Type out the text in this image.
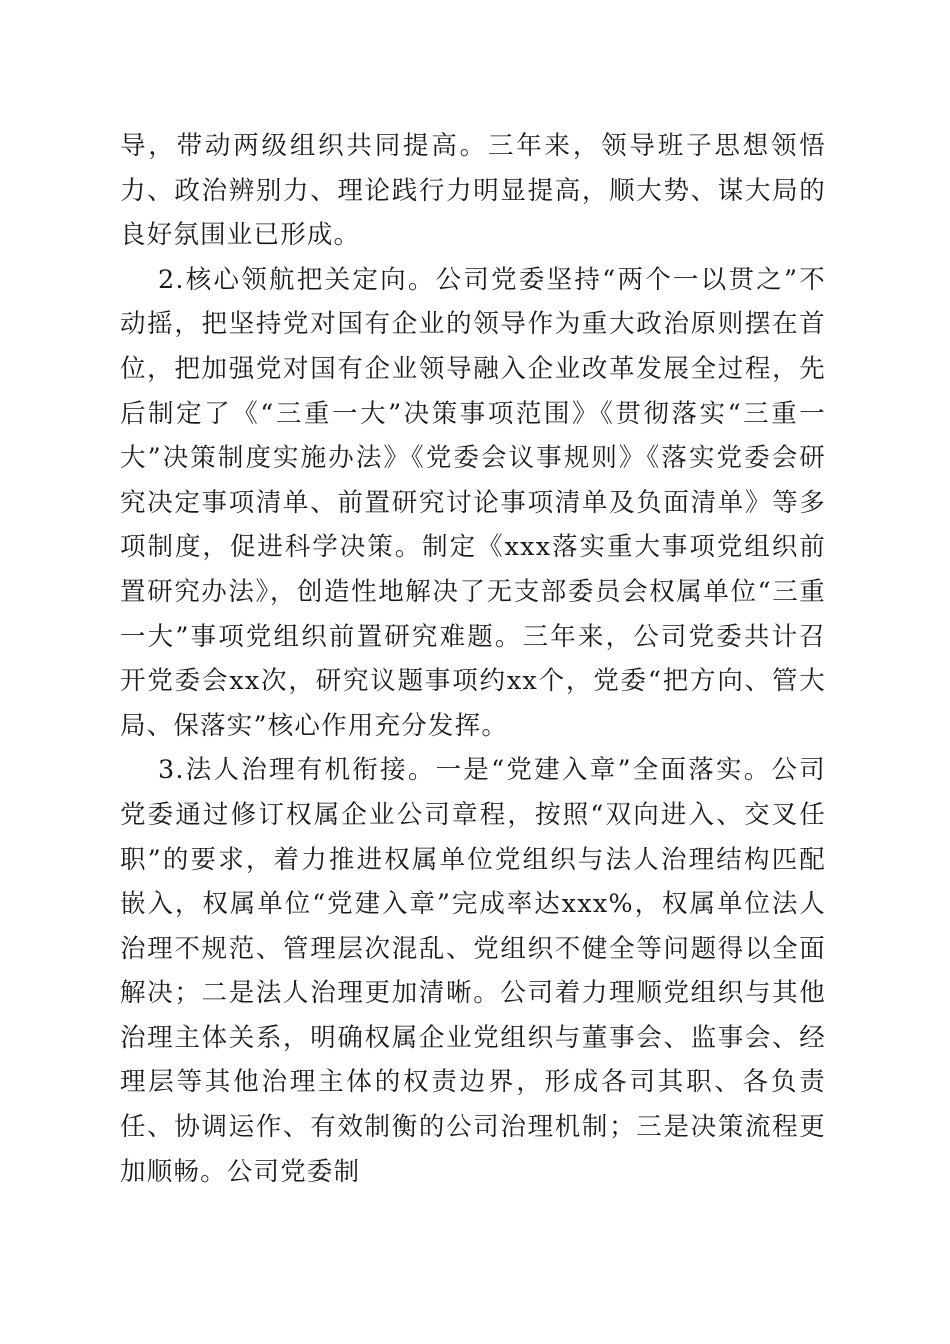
导，带动两级组织共同提高。三年来，领导班子思想领悟力、政治辨别力、理论践行力明显提高，顺大势、谋大局的良好氛围业已形成。

2.核心领航把关定向。公司党委坚持“两个一以贯之”不动摇，把坚持党对国有企业的领导作为重大政治原则摆在首位，把加强党对国有企业领导融入企业改革发展全过程，先后制定了《“三重一大”决策事项范围》《贯彻落实“三重一大”决策制度实施办法》《党委会议事规则》《落实党委会研究决定事项清单、前置研究讨论事项清单及负面清单》等多项制度，促进科学决策。制定《xxx落实重大事项党组织前置研究办法》，创造性地解决了无支部委员会权属单位“三重一大”事项党组织前置研究难题。三年来，公司党委共计召开党委会xx次，研究议题事项约xx个，党委“把方向、管大局、保落实”核心作用充分发挥。

3.法人治理有机衔接。一是“党建入章”全面落实。公司党委通过修订权属企业公司章程，按照“双向进入、交叉任职”的要求，着力推进权属单位党组织与法人治理结构匹配嵌入，权属单位“党建入章”完成率达xxx%，权属单位法人治理不规范、管理层次混乱、党组织不健全等问题得以全面解决；二是法人治理更加清晰。公司着力理顺党组织与其他治理主体关系，明确权属企业党组织与董事会、监事会、经理层等其他治理主体的权责边界，形成各司其职、各负责任、协调运作、有效制衡的公司治理机制；三是决策流程更加顺畅。公司党委制
